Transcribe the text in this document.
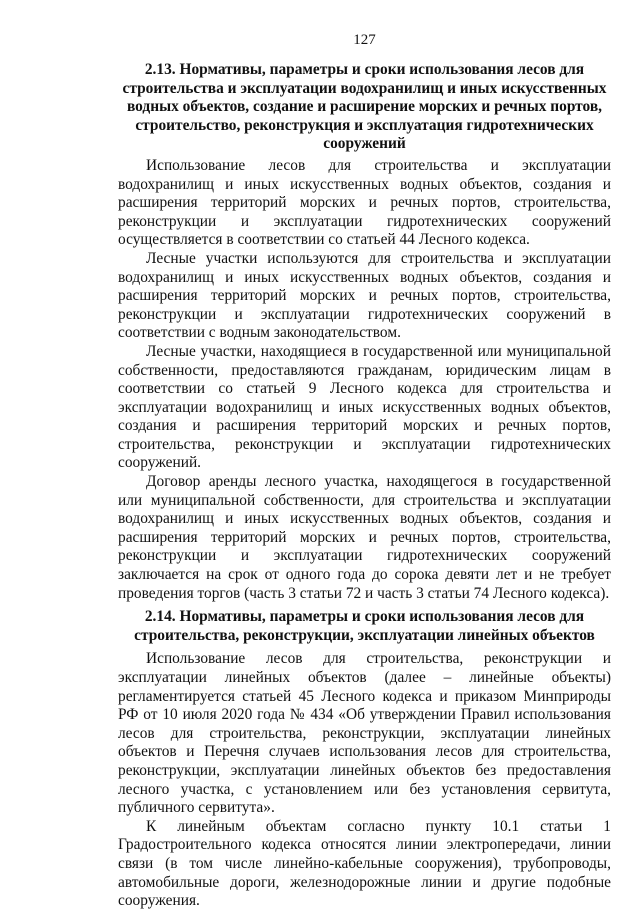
127
2.13. Нормативы, параметры и сроки использования лесов для строительства и эксплуатации водохранилищ и иных искусственных водных объектов, создание и расширение морских и речных портов, строительство, реконструкция и эксплуатация гидротехнических сооружений

Использование лесов для строительства и эксплуатации водохранилищ и иных искусственных водных объектов, создания и расширения территорий морских и речных портов, строительства, реконструкции и эксплуатации гидротехнических сооружений осуществляется в соответствии со статьей 44 Лесного кодекса.

Лесные участки используются для строительства и эксплуатации водохранилищ и иных искусственных водных объектов, создания и расширения территорий морских и речных портов, строительства, реконструкции и эксплуатации гидротехнических сооружений в соответствии с водным законодательством.

Лесные участки, находящиеся в государственной или муниципальной собственности, предоставляются гражданам, юридическим лицам в соответствии со статьей 9 Лесного кодекса для строительства и эксплуатации водохранилищ и иных искусственных водных объектов, создания и расширения территорий морских и речных портов, строительства, реконструкции и эксплуатации гидротехнических сооружений.

Договор аренды лесного участка, находящегося в государственной или муниципальной собственности, для строительства и эксплуатации водохранилищ и иных искусственных водных объектов, создания и расширения территорий морских и речных портов, строительства, реконструкции и эксплуатации гидротехнических сооружений заключается на срок от одного года до сорока девяти лет и не требует проведения торгов (часть 3 статьи 72 и часть 3 статьи 74 Лесного кодекса).

2.14. Нормативы, параметры и сроки использования лесов для строительства, реконструкции, эксплуатации линейных объектов

Использование лесов для строительства, реконструкции и эксплуатации линейных объектов (далее – линейные объекты) регламентируется статьей 45 Лесного кодекса и приказом Минприроды РФ от 10 июля 2020 года № 434 «Об утверждении Правил использования лесов для строительства, реконструкции, эксплуатации линейных объектов и Перечня случаев использования лесов для строительства, реконструкции, эксплуатации линейных объектов без предоставления лесного участка, с установлением или без установления сервитута, публичного сервитута».

К линейным объектам согласно пункту 10.1 статьи 1 Градостроительного кодекса относятся линии электропередачи, линии связи (в том числе линейно-кабельные сооружения), трубопроводы, автомобильные дороги, железнодорожные линии и другие подобные сооружения.
